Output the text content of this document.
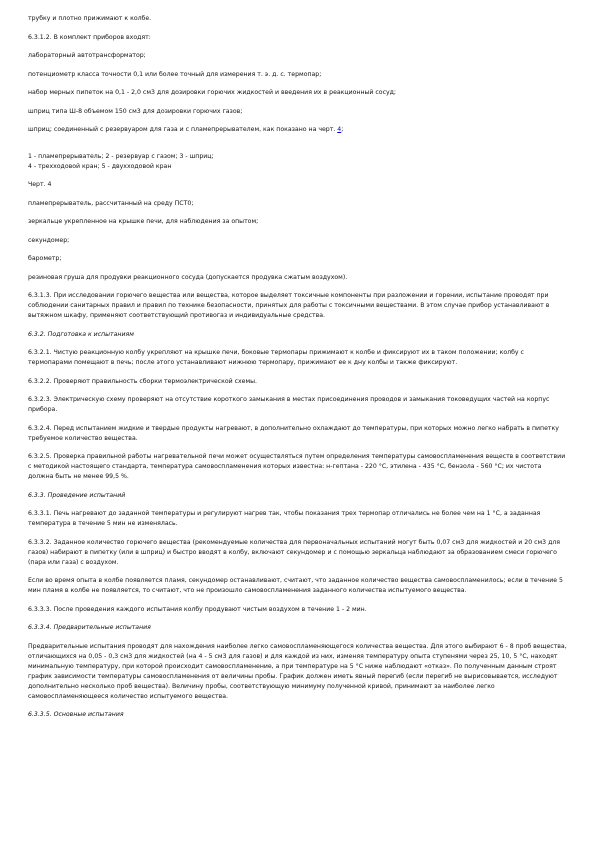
трубку и плотно прижимают к колбе.

6.3.1.2. В комплект приборов входят:

лабораторный автотрансформатор;

потенциометр класса точности 0,1 или более точный для измерения т. э. д. с. термопар;

набор мерных пипеток на 0,1 - 2,0 см3 для дозировки горючих жидкостей и введения их в реакционный сосуд;

шприц типа Ш-8 объемом 150 см3 для дозировки горючих газов;

шприц; соединенный с резервуаром для газа и с пламепрерывателем, как показано на черт. 4;

1 - пламепрерыватель; 2 - резервуар с газом; 3 - шприц;

4 - трехходовой кран; 5 - двухходовой кран

Черт. 4

пламепрерыватель, рассчитанный на среду ПСТ0;

зеркальце укрепленное на крышке печи, для наблюдения за опытом;

секундомер;

барометр;

резиновая груша для продувки реакционного сосуда (допускается продувка сжатым воздухом).

6.3.1.3. При исследовании горючего вещества или вещества, которое выделяет токсичные компоненты при разложении и горении, испытание проводят при соблюдении санитарных правил и правил по технике безопасности, принятых для работы с токсичными веществами. В этом случае прибор устанавливают в вытяжном шкафу, применяют соответствующий противогаз и индивидуальные средства.

6.3.2. Подготовка к испытаниям

6.3.2.1. Чистую реакционную колбу укрепляют на крышке печи, боковые термопары прижимают к колбе и фиксируют их в таком положении; колбу с термопарами помещают в печь; после этого устанавливают нижнюю термопару, прижимают ее к дну колбы и также фиксируют.

6.3.2.2. Проверяют правильность сборки термоэлектрической схемы.

6.3.2.3. Электрическую схему проверяют на отсутствие короткого замыкания в местах присоединения проводов и замыкания токоведущих частей на корпус прибора.

6.3.2.4. Перед испытанием жидкие и твердые продукты нагревают, в дополнительно охлаждают до температуры, при которых можно легко набрать в пипетку требуемое количество вещества.

6.3.2.5. Проверка правильной работы нагревательной печи может осуществляться путем определения температуры самовоспламенения веществ в соответствии с методикой настоящего стандарта, температура самовоспламенения которых известна: н-гептана - 220 °С, этилена - 435 °С, бензола - 560 °С; их чистота должна быть не менее 99,5 %.

6.3.3. Проведение испытаний

6.3.3.1. Печь нагревают до заданной температуры и регулируют нагрев так, чтобы показания трех термопар отличались не более чем на 1 °С, а заданная температура в течение 5 мин не изменялась.

6.3.3.2. Заданное количество горючего вещества (рекомендуемые количества для первоначальных испытаний могут быть 0,07 см3 для жидкостей и 20 см3 для газов) набирают в пипетку (или в шприц) и быстро вводят в колбу, включают секундомер и с помощью зеркальца наблюдают за образованием смеси горючего (пара или газа) с воздухом.

Если во время опыта в колбе появляется пламя, секундомер останавливают, считают, что заданное количество вещества самовоспламенилось; если в течение 5 мин пламя в колбе не появляется, то считают, что не произошло самовоспламенения заданного количества испытуемого вещества.

6.3.3.3. После проведения каждого испытания колбу продувают чистым воздухом в течение 1 - 2 мин.

6.3.3.4. Предварительные испытания

Предварительные испытания проводят для нахождения наиболее легко самовоспламеняющегося количества вещества. Для этого выбирают 6 - 8 проб вещества, отличающихся на 0,05 - 0,3 см3 для жидкостей (на 4 - 5 см3 для газов) и для каждой из них, изменяя температуру опыта ступенями через 25, 10, 5 °С, находят минимальную температуру, при которой происходит самовоспламенение, а при температуре на 5 °С ниже наблюдают «отказ». По полученным данным строят график зависимости температуры самовоспламенения от величины пробы. График должен иметь явный перегиб (если перегиб не вырисовывается, исследуют дополнительно несколько проб вещества). Величину пробы, соответствующую минимуму полученной кривой, принимают за наиболее легко самовоспламеняющееся количество испытуемого вещества.

6.3.3.5. Основные испытания
